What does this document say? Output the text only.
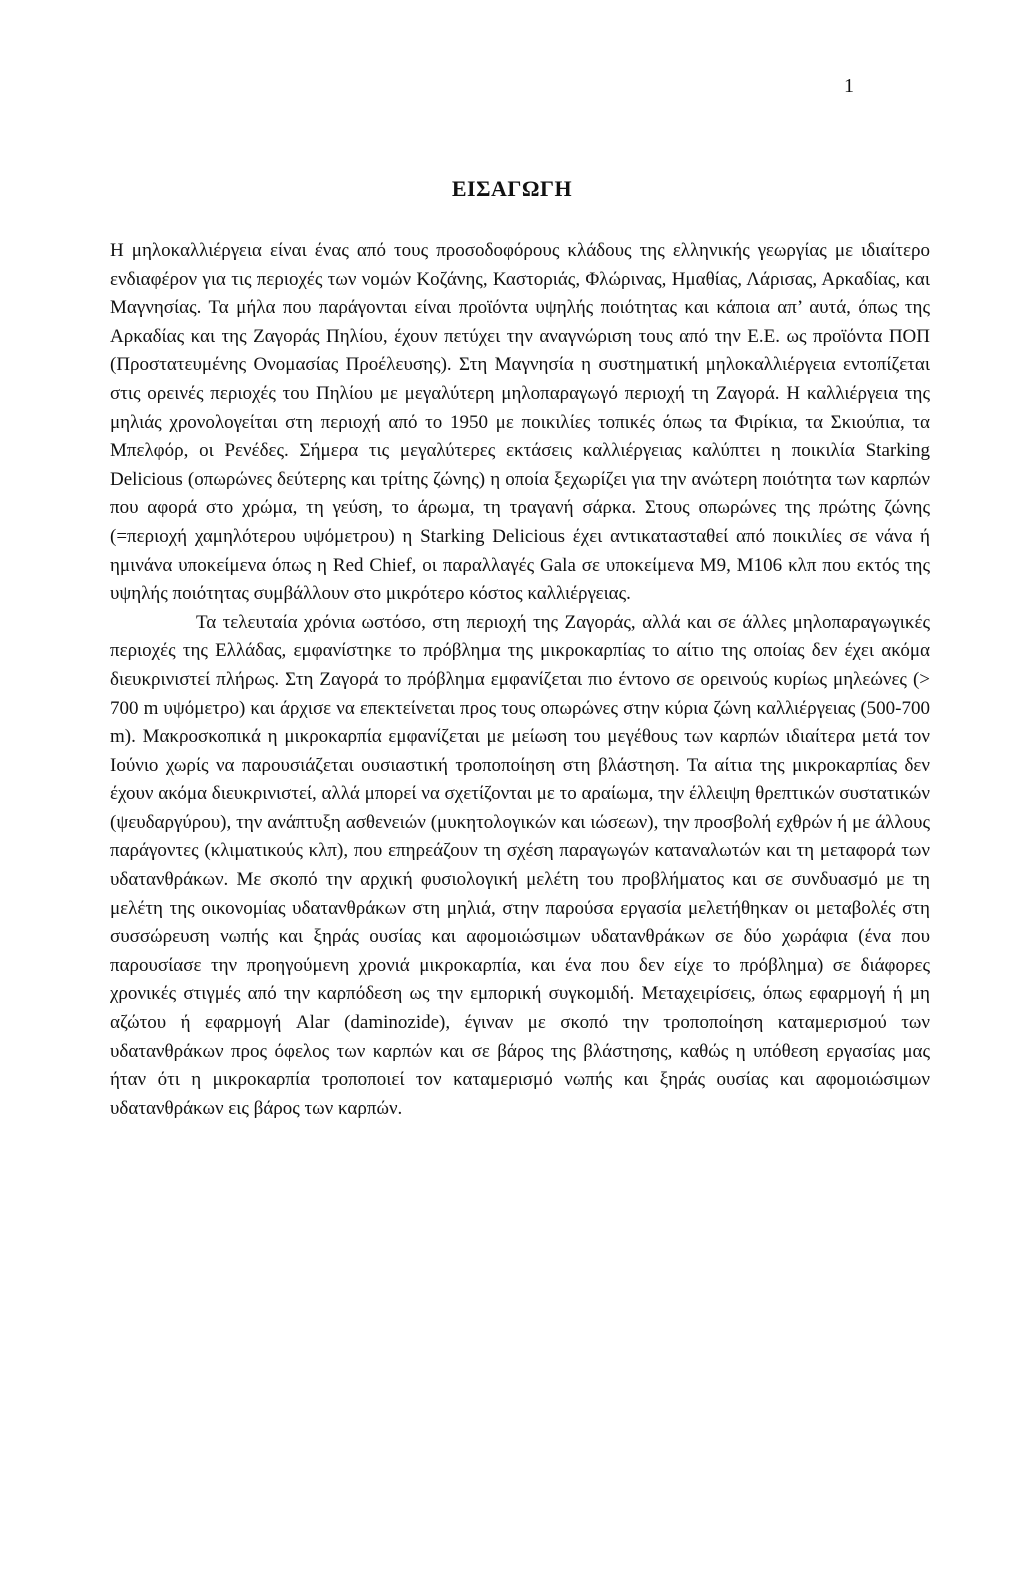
1
ΕΙΣΑΓΩΓΗ

Η μηλοκαλλιέργεια είναι ένας από τους προσοδοφόρους κλάδους της ελληνικής γεωργίας με ιδιαίτερο ενδιαφέρον για τις περιοχές των νομών Κοζάνης, Καστοριάς, Φλώρινας, Ημαθίας, Λάρισας, Αρκαδίας, και Μαγνησίας. Τα μήλα που παράγονται είναι προϊόντα υψηλής ποιότητας και κάποια απ’ αυτά, όπως της Αρκαδίας και της Ζαγοράς Πηλίου, έχουν πετύχει την αναγνώριση τους από την Ε.Ε. ως προϊόντα ΠΟΠ (Προστατευμένης Ονομασίας Προέλευσης). Στη Μαγνησία η συστηματική μηλοκαλλιέργεια εντοπίζεται στις ορεινές περιοχές του Πηλίου με μεγαλύτερη μηλοπαραγωγό περιοχή τη Ζαγορά. Η καλλιέργεια της μηλιάς χρονολογείται στη περιοχή από το 1950 με ποικιλίες τοπικές όπως τα Φιρίκια, τα Σκιούπια, τα Μπελφόρ, οι Ρενέδες. Σήμερα τις μεγαλύτερες εκτάσεις καλλιέργειας καλύπτει η ποικιλία Starking Delicious (οπωρώνες δεύτερης και τρίτης ζώνης) η οποία ξεχωρίζει για την ανώτερη ποιότητα των καρπών που αφορά στο χρώμα, τη γεύση, το άρωμα, τη τραγανή σάρκα. Στους οπωρώνες της πρώτης ζώνης (=περιοχή χαμηλότερου υψόμετρου) η Starking Delicious έχει αντικατασταθεί από ποικιλίες σε νάνα ή ημινάνα υποκείμενα όπως η Red Chief, οι παραλλαγές Gala σε υποκείμενα M9, M106 κλπ που εκτός της υψηλής ποιότητας συμβάλλουν στο μικρότερο κόστος καλλιέργειας.

Τα τελευταία χρόνια ωστόσο, στη περιοχή της Ζαγοράς, αλλά και σε άλλες μηλοπαραγωγικές περιοχές της Ελλάδας, εμφανίστηκε το πρόβλημα της μικροκαρπίας το αίτιο της οποίας δεν έχει ακόμα διευκρινιστεί πλήρως. Στη Ζαγορά το πρόβλημα εμφανίζεται πιο έντονο σε ορεινούς κυρίως μηλεώνες (> 700 m υψόμετρο) και άρχισε να επεκτείνεται προς τους οπωρώνες στην κύρια ζώνη καλλιέργειας (500-700 m). Μακροσκοπικά η μικροκαρπία εμφανίζεται με μείωση του μεγέθους των καρπών ιδιαίτερα μετά τον Ιούνιο χωρίς να παρουσιάζεται ουσιαστική τροποποίηση στη βλάστηση. Τα αίτια της μικροκαρπίας δεν έχουν ακόμα διευκρινιστεί, αλλά μπορεί να σχετίζονται με το αραίωμα, την έλλειψη θρεπτικών συστατικών (ψευδαργύρου), την ανάπτυξη ασθενειών (μυκητολογικών και ιώσεων), την προσβολή εχθρών ή με άλλους παράγοντες (κλιματικούς κλπ), που επηρεάζουν τη σχέση παραγωγών καταναλωτών και τη μεταφορά των υδατανθράκων. Με σκοπό την αρχική φυσιολογική μελέτη του προβλήματος και σε συνδυασμό με τη μελέτη της οικονομίας υδατανθράκων στη μηλιά, στην παρούσα εργασία μελετήθηκαν οι μεταβολές στη συσσώρευση νωπής και ξηράς ουσίας και αφομοιώσιμων υδατανθράκων σε δύο χωράφια (ένα που παρουσίασε την προηγούμενη χρονιά μικροκαρπία, και ένα που δεν είχε το πρόβλημα) σε διάφορες χρονικές στιγμές από την καρπόδεση ως την εμπορική συγκομιδή. Μεταχειρίσεις, όπως εφαρμογή ή μη αζώτου ή εφαρμογή Alar (daminozide), έγιναν με σκοπό την τροποποίηση καταμερισμού των υδατανθράκων προς όφελος των καρπών και σε βάρος της βλάστησης, καθώς η υπόθεση εργασίας μας ήταν ότι η μικροκαρπία τροποποιεί τον καταμερισμό νωπής και ξηράς ουσίας και αφομοιώσιμων υδατανθράκων εις βάρος των καρπών.
